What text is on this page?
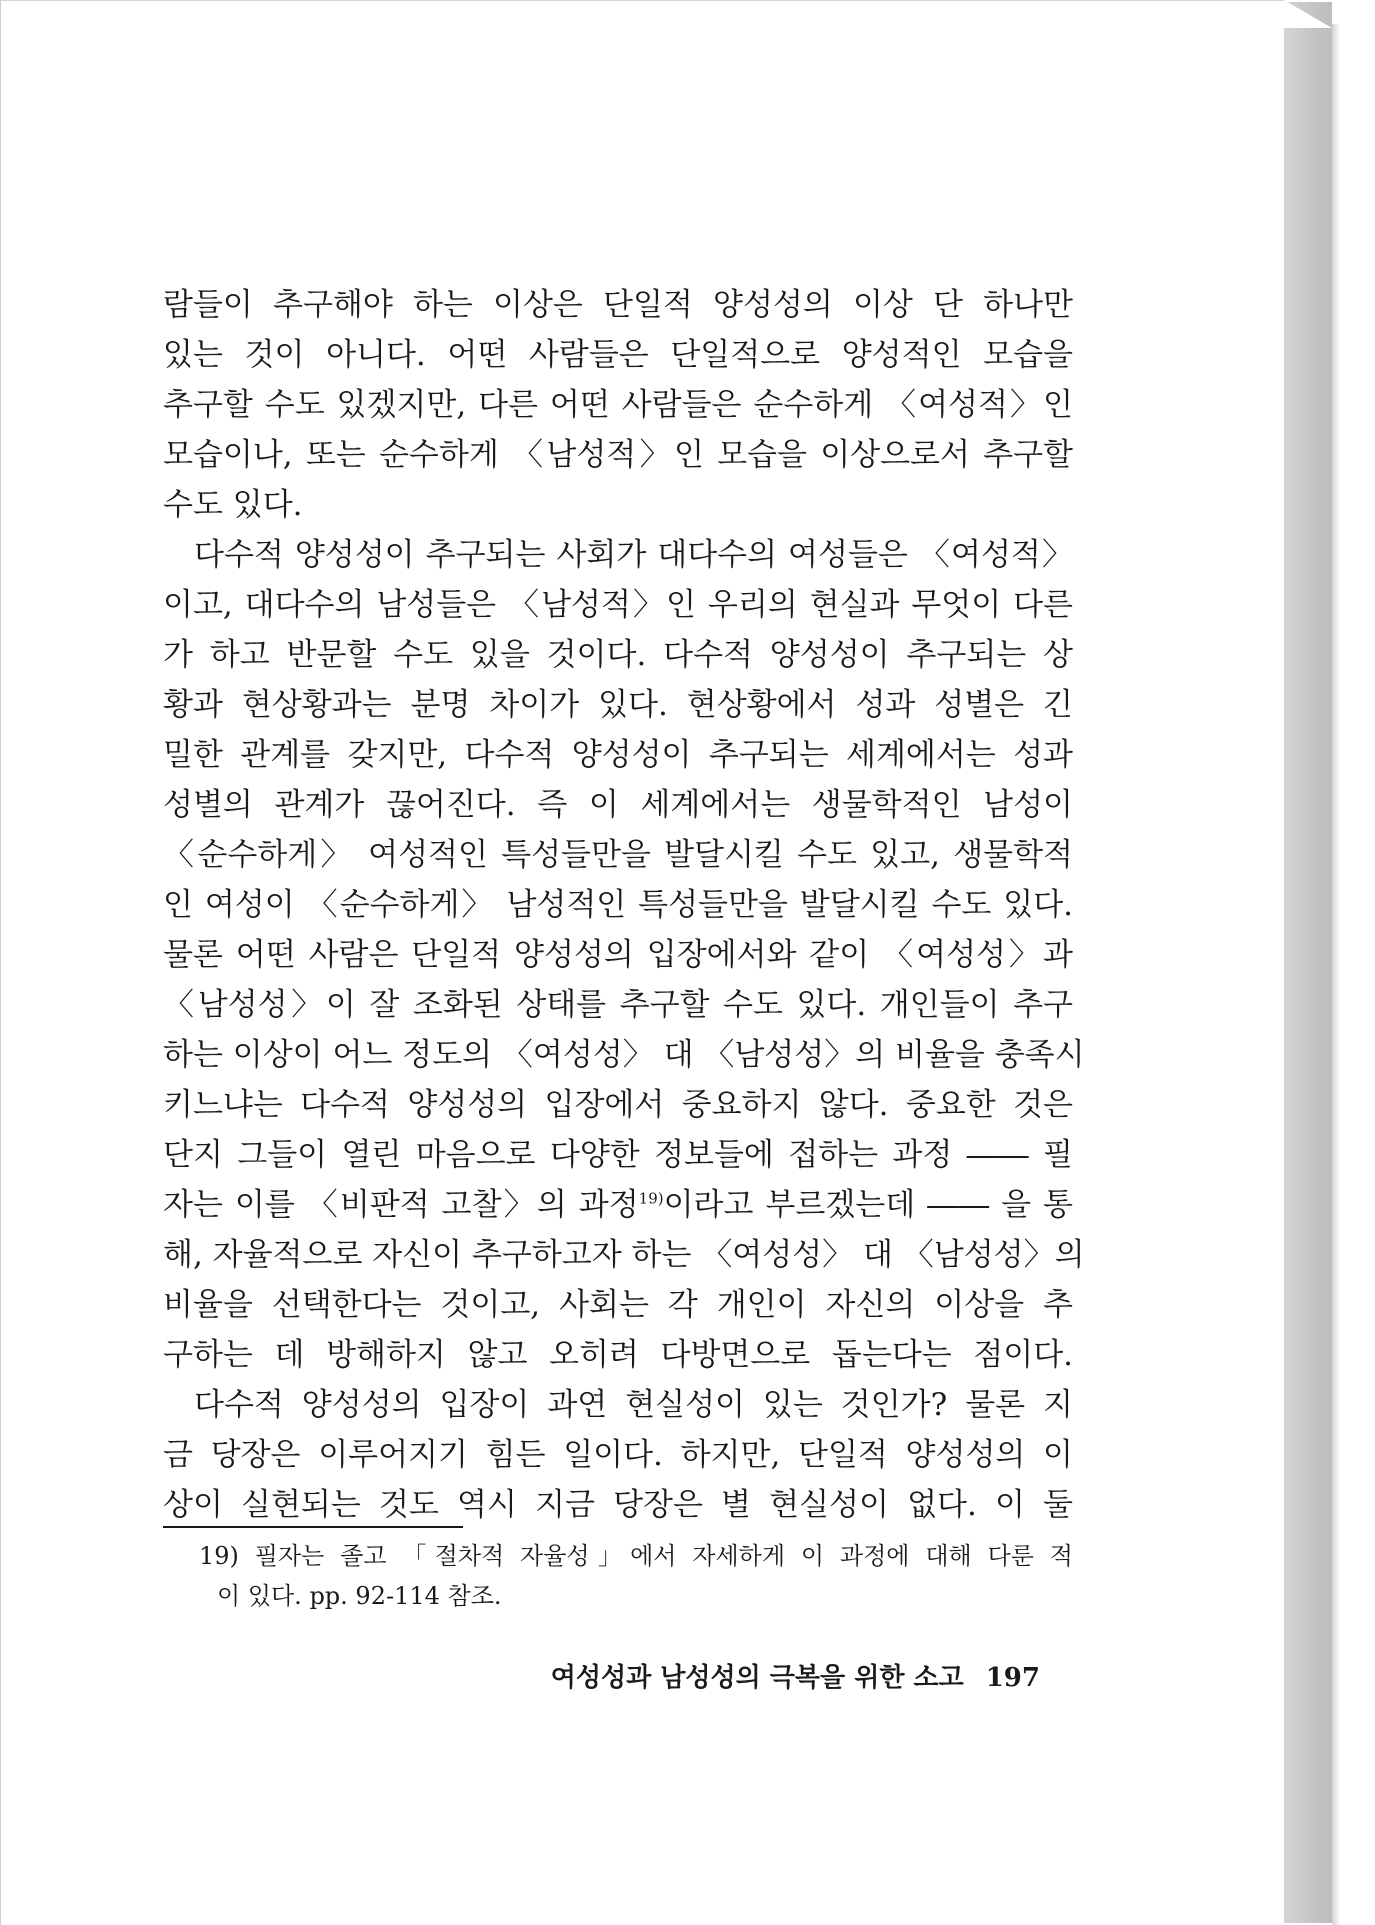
람들이 추구해야 하는 이상은 단일적 양성성의 이상 단 하나만
있는 것이 아니다. 어떤 사람들은 단일적으로 양성적인 모습을
추구할 수도 있겠지만, 다른 어떤 사람들은 순수하게 〈여성적〉인
모습이나, 또는 순수하게 〈남성적〉인 모습을 이상으로서 추구할
수도 있다.
다수적 양성성이 추구되는 사회가 대다수의 여성들은 〈여성적〉
이고, 대다수의 남성들은 〈남성적〉인 우리의 현실과 무엇이 다른
가 하고 반문할 수도 있을 것이다. 다수적 양성성이 추구되는 상
황과 현상황과는 분명 차이가 있다. 현상황에서 성과 성별은 긴
밀한 관계를 갖지만, 다수적 양성성이 추구되는 세계에서는 성과
성별의 관계가 끊어진다. 즉 이 세계에서는 생물학적인 남성이
〈순수하게〉 여성적인 특성들만을 발달시킬 수도 있고, 생물학적
인 여성이 〈순수하게〉 남성적인 특성들만을 발달시킬 수도 있다.
물론 어떤 사람은 단일적 양성성의 입장에서와 같이 〈여성성〉과
〈남성성〉이 잘 조화된 상태를 추구할 수도 있다. 개인들이 추구
하는 이상이 어느 정도의 〈여성성〉 대 〈남성성〉의 비율을 충족시
키느냐는 다수적 양성성의 입장에서 중요하지 않다. 중요한 것은
단지 그들이 열린 마음으로 다양한 정보들에 접하는 과정 ―― 필
자는 이를 〈비판적 고찰〉의 과정$^{19)}$이라고 부르겠는데 ―― 을 통
해, 자율적으로 자신이 추구하고자 하는 〈여성성〉 대 〈남성성〉의
비율을 선택한다는 것이고, 사회는 각 개인이 자신의 이상을 추
구하는 데 방해하지 않고 오히려 다방면으로 돕는다는 점이다.
다수적 양성성의 입장이 과연 현실성이 있는 것인가? 물론 지
금 당장은 이루어지기 힘든 일이다. 하지만, 단일적 양성성의 이
상이 실현되는 것도 역시 지금 당장은 별 현실성이 없다. 이 둘
19) 필자는 졸고 「절차적 자율성」에서 자세하게 이 과정에 대해 다룬 적
이 있다. pp. 92-114 참조.
여성성과 남성성의 극복을 위한 소고 197
